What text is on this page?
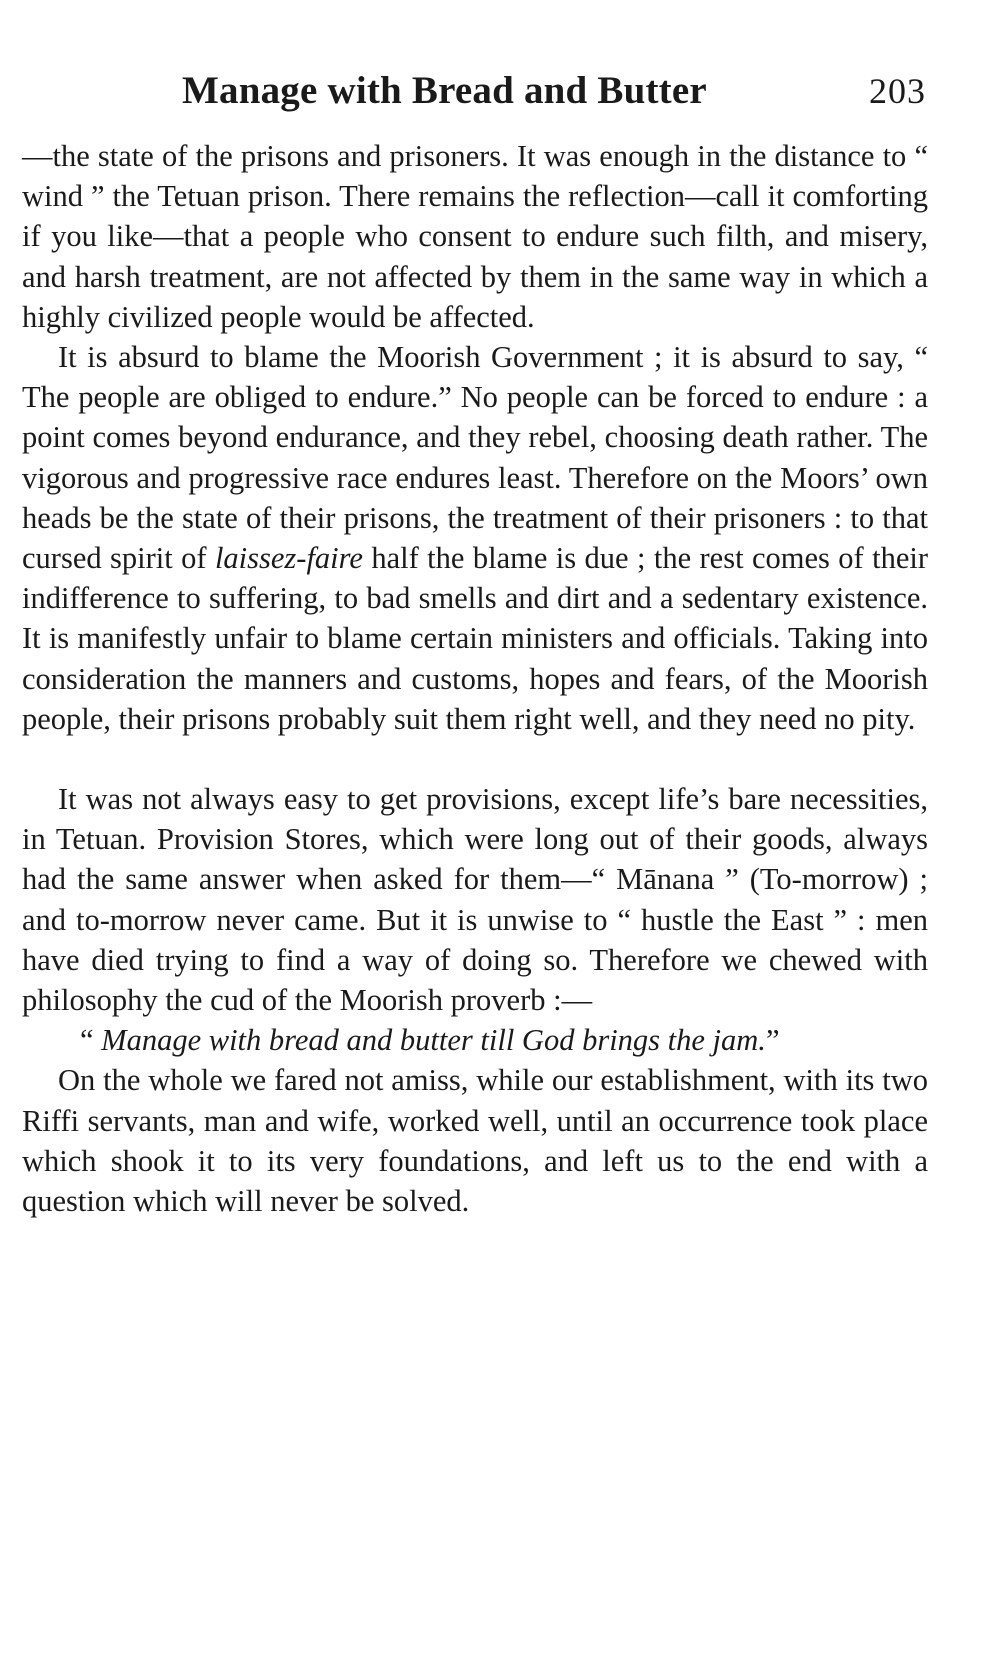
Manage with Bread and Butter	203

—the state of the prisons and prisoners. It was enough in the distance to “ wind ” the Tetuan prison. There remains the reflection—call it comforting if you like—that a people who consent to endure such filth, and misery, and harsh treatment, are not affected by them in the same way in which a highly civilized people would be affected.

It is absurd to blame the Moorish Government ; it is absurd to say, “ The people are obliged to endure.” No people can be forced to endure : a point comes beyond endurance, and they rebel, choosing death rather. The vigorous and progressive race endures least. Therefore on the Moors’ own heads be the state of their prisons, the treatment of their prisoners : to that cursed spirit of laissez-faire half the blame is due ; the rest comes of their indifference to suffering, to bad smells and dirt and a sedentary existence. It is manifestly unfair to blame certain ministers and officials. Taking into consideration the manners and customs, hopes and fears, of the Moorish people, their prisons probably suit them right well, and they need no pity.

It was not always easy to get provisions, except life’s bare necessities, in Tetuan. Provision Stores, which were long out of their goods, always had the same answer when asked for them—“ Mānana ” (To-morrow) ; and to-morrow never came. But it is unwise to “ hustle the East ” : men have died trying to find a way of doing so. Therefore we chewed with philosophy the cud of the Moorish proverb :—

“ Manage with bread and butter till God brings the jam.”

On the whole we fared not amiss, while our establishment, with its two Riffi servants, man and wife, worked well, until an occurrence took place which shook it to its very foundations, and left us to the end with a question which will never be solved.
